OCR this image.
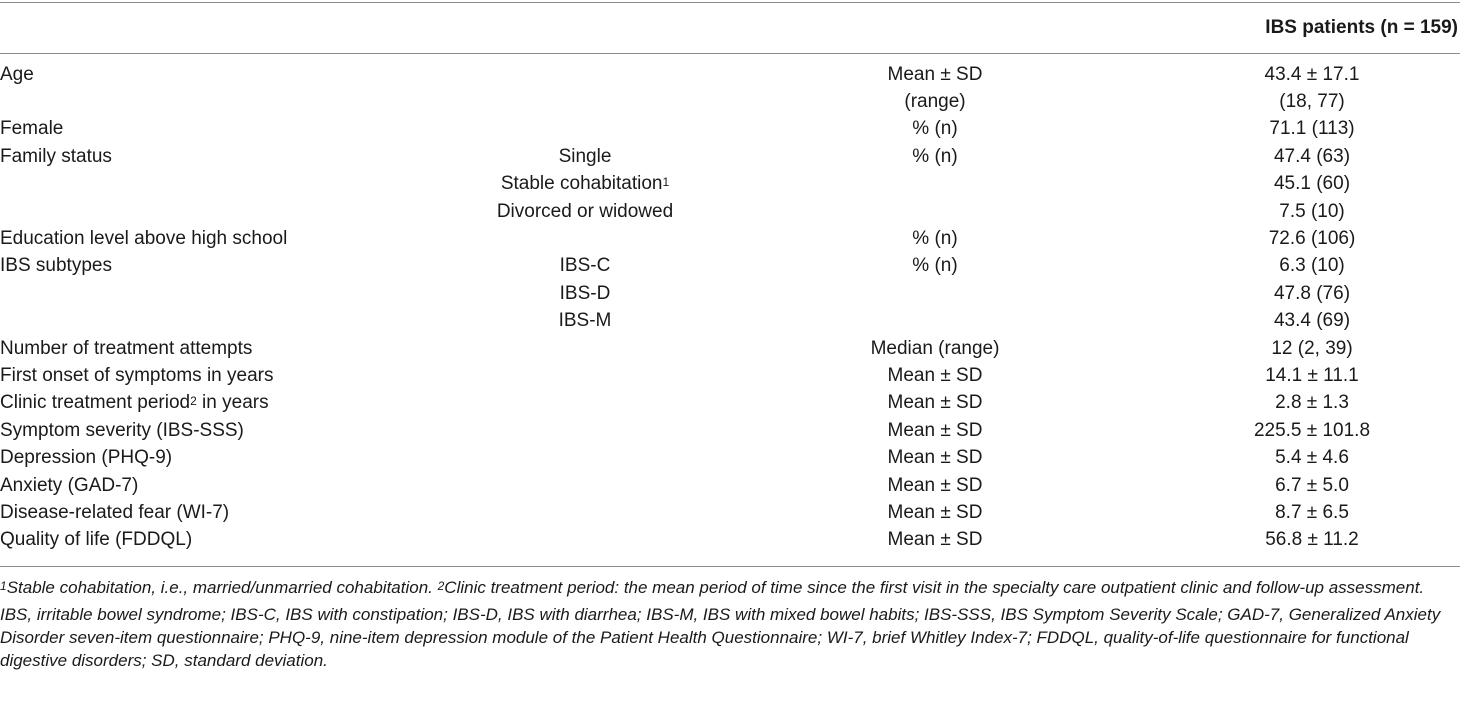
IBS patients (n = 159)
Age		Mean ± SD	43.4 ± 17.1
		(range)	(18, 77)
Female		% (n)	71.1 (113)
Family status	Single	% (n)	47.4 (63)
	Stable cohabitation$^1$		45.1 (60)
	Divorced or widowed		7.5 (10)
Education level above high school		% (n)	72.6 (106)
IBS subtypes	IBS-C	% (n)	6.3 (10)
	IBS-D		47.8 (76)
	IBS-M		43.4 (69)
Number of treatment attempts		Median (range)	12 (2, 39)
First onset of symptoms in years		Mean ± SD	14.1 ± 11.1
Clinic treatment period$^2$ in years		Mean ± SD	2.8 ± 1.3
Symptom severity (IBS-SSS)		Mean ± SD	225.5 ± 101.8
Depression (PHQ-9)		Mean ± SD	5.4 ± 4.6
Anxiety (GAD-7)		Mean ± SD	6.7 ± 5.0
Disease-related fear (WI-7)		Mean ± SD	8.7 ± 6.5
Quality of life (FDDQL)		Mean ± SD	56.8 ± 11.2

$^1$Stable cohabitation, i.e., married/unmarried cohabitation. $^2$Clinic treatment period: the mean period of time since the first visit in the specialty care outpatient clinic and follow-up assessment.

IBS, irritable bowel syndrome; IBS-C, IBS with constipation; IBS-D, IBS with diarrhea; IBS-M, IBS with mixed bowel habits; IBS-SSS, IBS Symptom Severity Scale; GAD-7, Generalized Anxiety Disorder seven-item questionnaire; PHQ-9, nine-item depression module of the Patient Health Questionnaire; WI-7, brief Whitley Index-7; FDDQL, quality-of-life questionnaire for functional digestive disorders; SD, standard deviation.
